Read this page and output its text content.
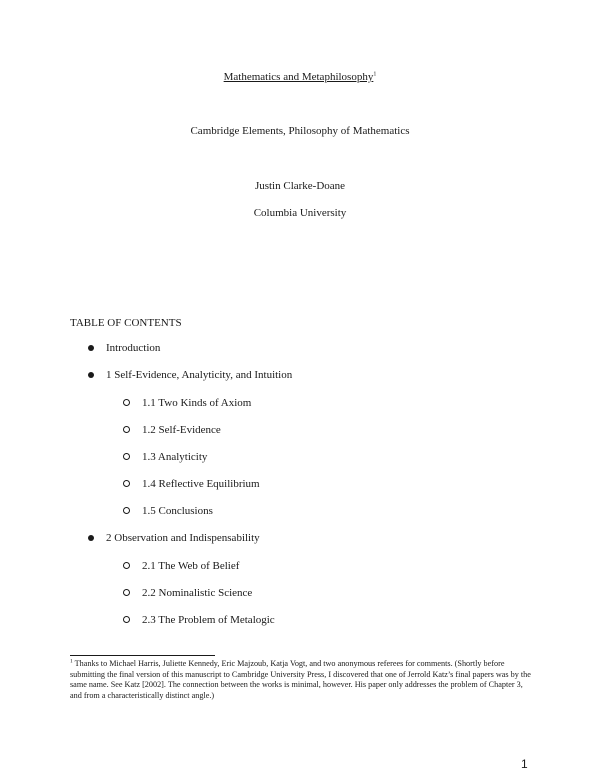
Mathematics and Metaphilosophy$^1$
Cambridge Elements, Philosophy of Mathematics
Justin Clarke-Doane
Columbia University
TABLE OF CONTENTS
Introduction
1 Self-Evidence, Analyticity, and Intuition
1.1 Two Kinds of Axiom
1.2 Self-Evidence
1.3 Analyticity
1.4 Reflective Equilibrium
1.5 Conclusions
2 Observation and Indispensability
2.1 The Web of Belief
2.2 Nominalistic Science
2.3 The Problem of Metalogic
$^1$ Thanks to Michael Harris, Juliette Kennedy, Eric Majzoub, Katja Vogt, and two anonymous referees for comments. (Shortly before submitting the final version of this manuscript to Cambridge University Press, I discovered that one of Jerrold Katz’s final papers was by the same name. See Katz [2002]. The connection between the works is minimal, however. His paper only addresses the problem of Chapter 3, and from a characteristically distinct angle.)
1
